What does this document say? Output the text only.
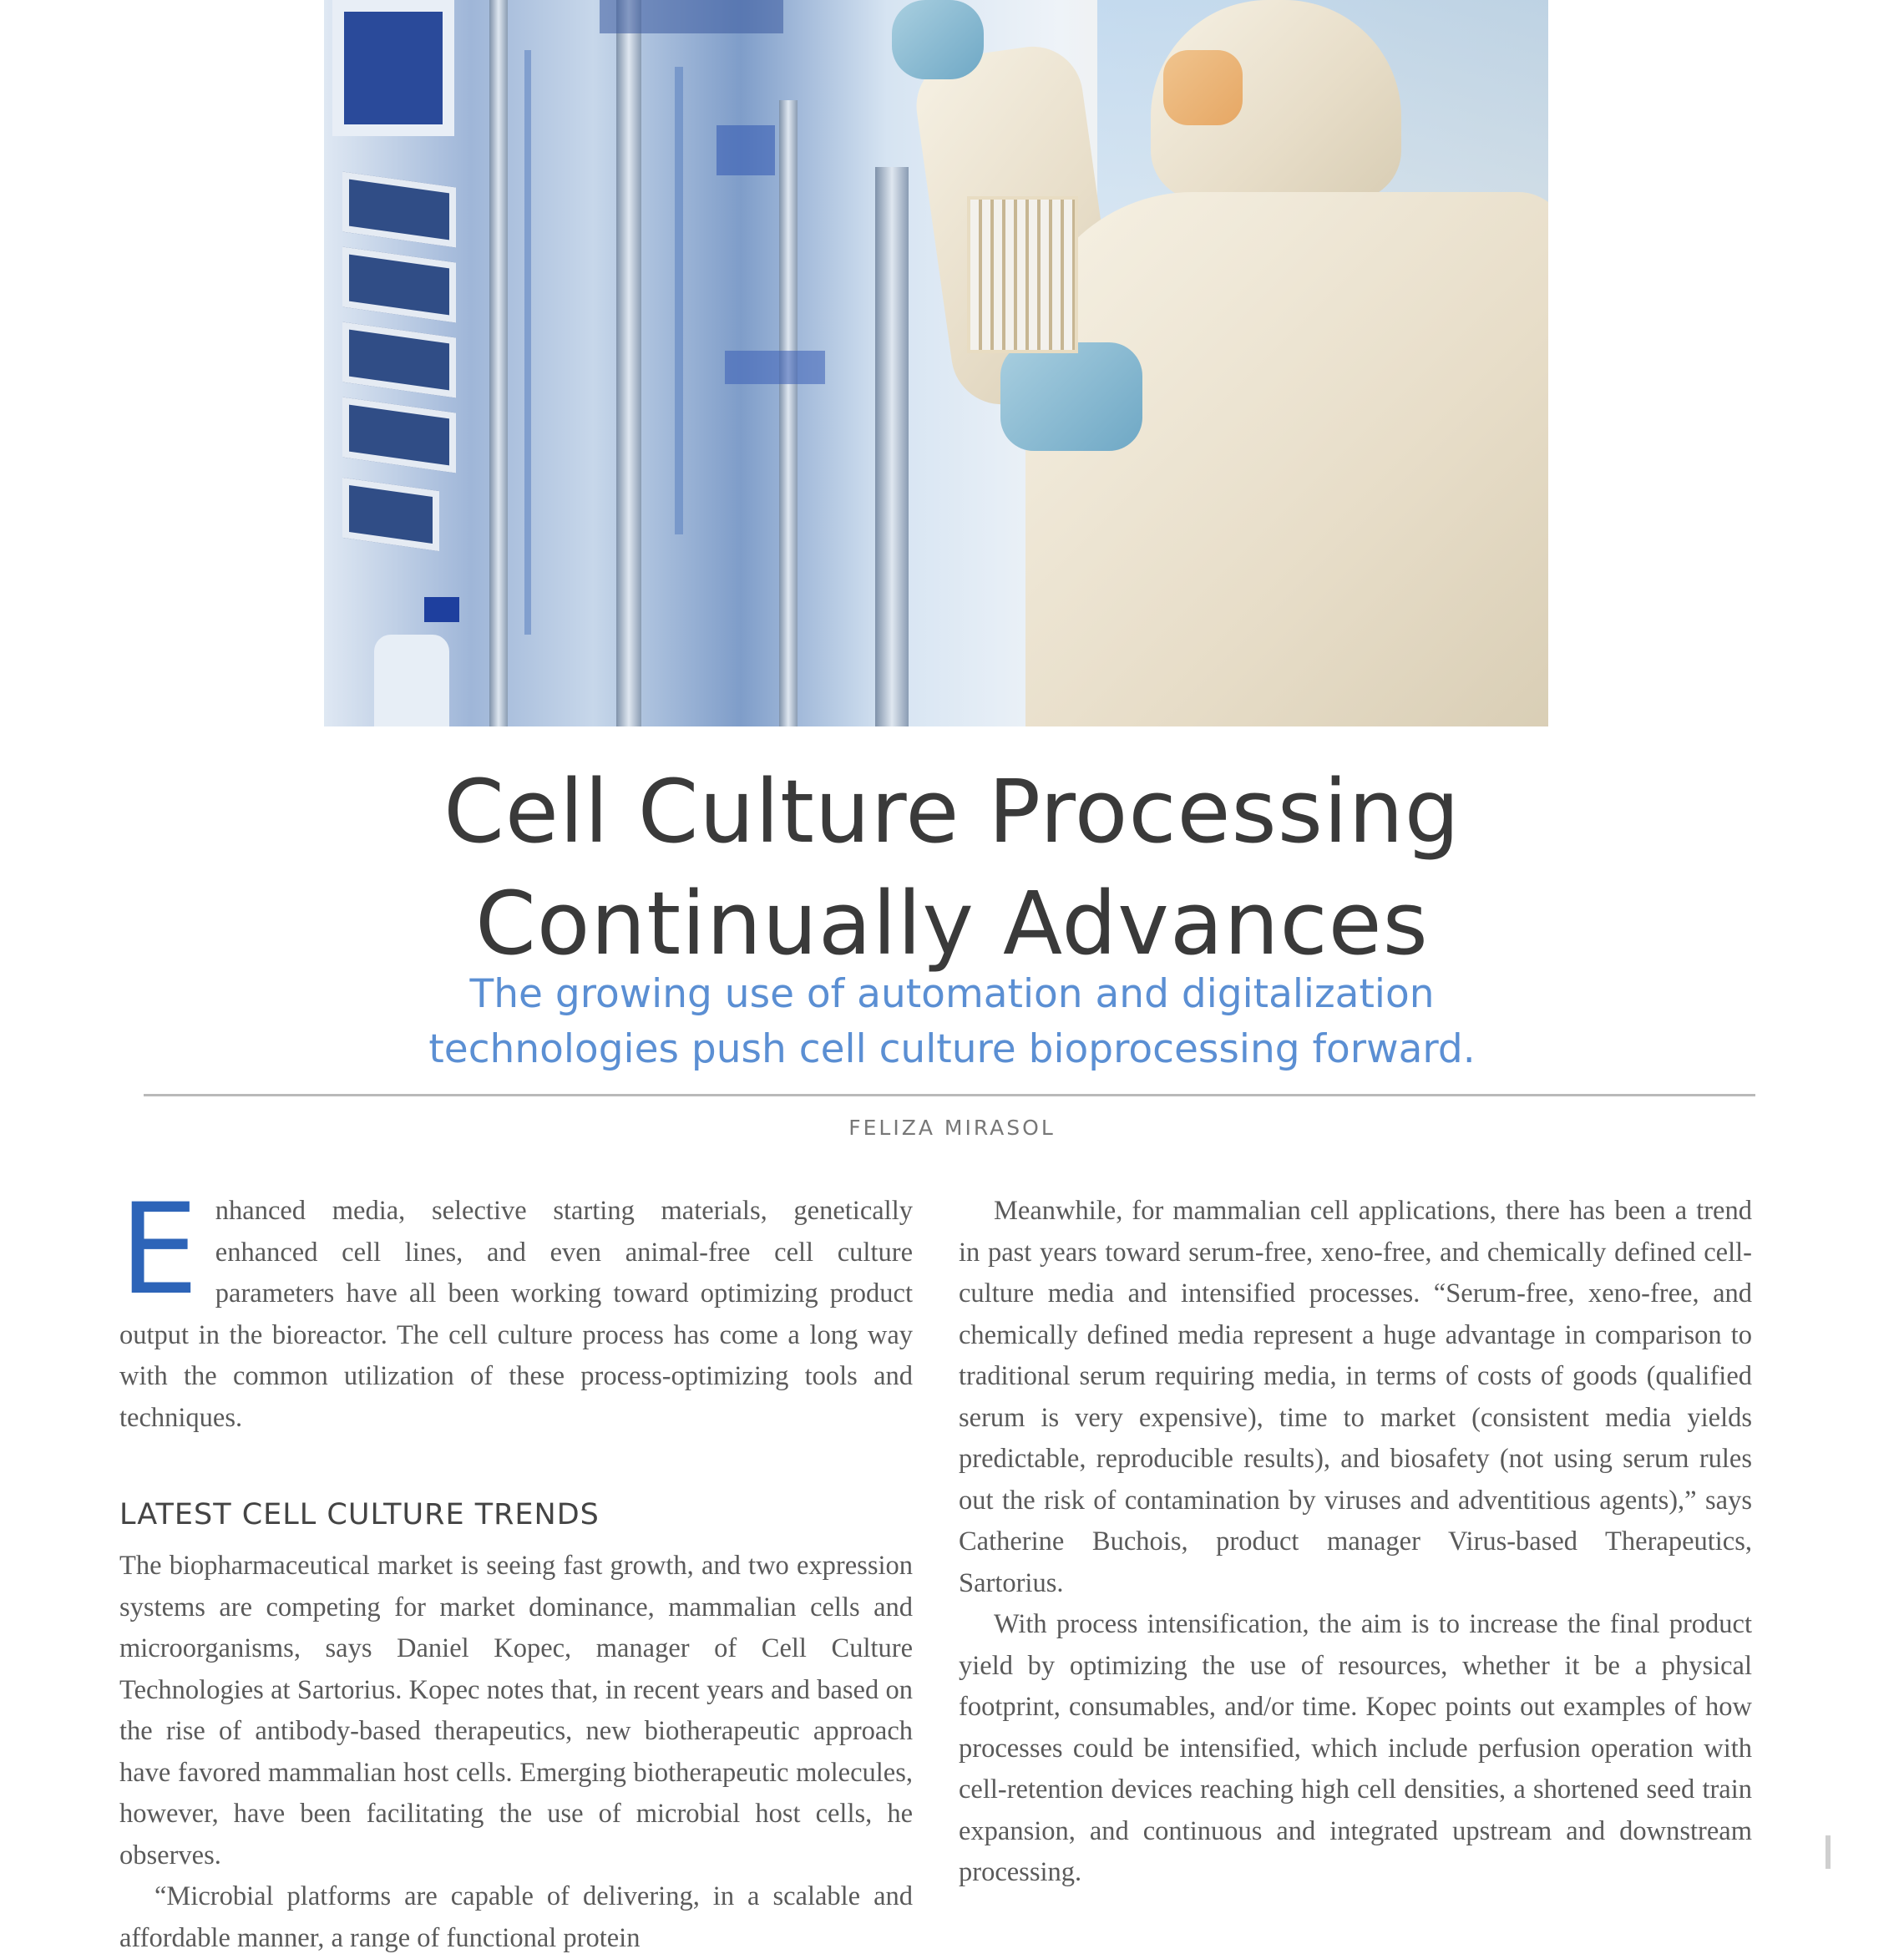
Cell Culture Processing
Continually Advances

The growing use of automation and digitalization
technologies push cell culture bioprocessing forward.

FELIZA MIRASOL

Enhanced media, selective starting materials, genetically enhanced cell lines, and even animal-free cell culture parameters have all been working toward optimizing product output in the bioreactor. The cell culture process has come a long way with the common utilization of these process-optimizing tools and techniques.

LATEST CELL CULTURE TRENDS

The biopharmaceutical market is seeing fast growth, and two expression systems are competing for market dominance, mammalian cells and microorganisms, says Daniel Kopec, manager of Cell Culture Technologies at Sartorius. Kopec notes that, in recent years and based on the rise of antibody-based therapeutics, new biotherapeutic approach have favored mammalian host cells. Emerging biotherapeutic molecules, however, have been facilitating the use of microbial host cells, he observes.

“Microbial platforms are capable of delivering, in a scalable and affordable manner, a range of functional protein

Meanwhile, for mammalian cell applications, there has been a trend in past years toward serum-free, xeno-free, and chemically defined cell-culture media and intensified processes. “Serum-free, xeno-free, and chemically defined media represent a huge advantage in comparison to traditional serum requiring media, in terms of costs of goods (qualified serum is very expensive), time to market (consistent media yields predictable, reproducible results), and biosafety (not using serum rules out the risk of contamination by viruses and adventitious agents),” says Catherine Buchois, product manager Virus-based Therapeutics, Sartorius.

With process intensification, the aim is to increase the final product yield by optimizing the use of resources, whether it be a physical footprint, consumables, and/or time. Kopec points out examples of how processes could be intensified, which include perfusion operation with cell-retention devices reaching high cell densities, a shortened seed train expansion, and continuous and integrated upstream and downstream processing.
